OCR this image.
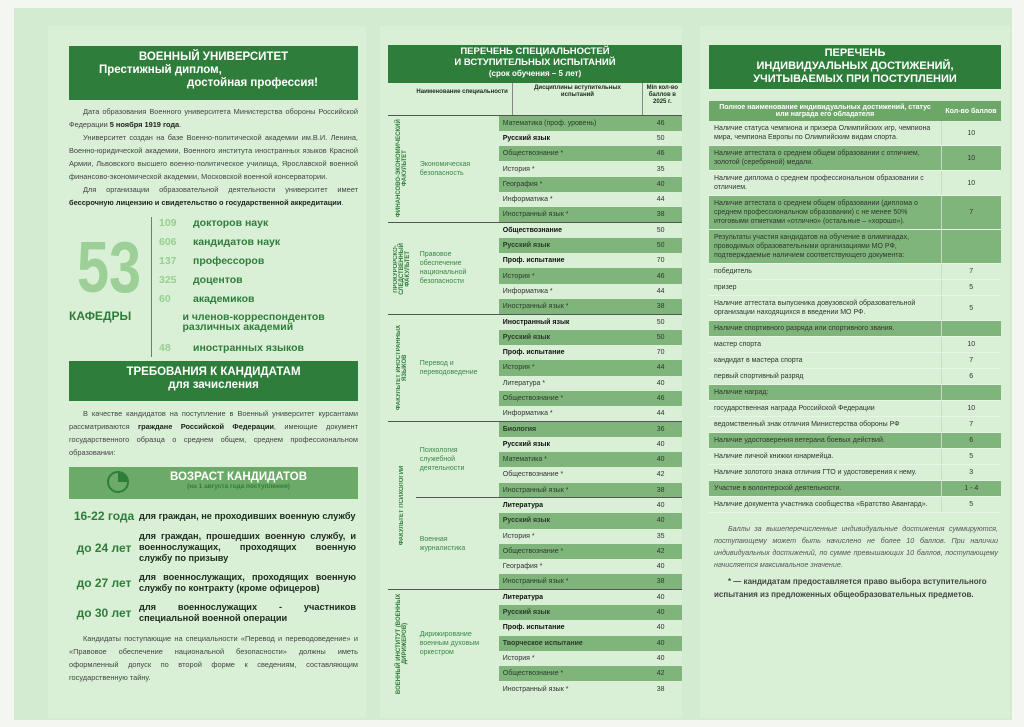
ВОЕННЫЙ УНИВЕРСИТЕТ
Престижный диплом,
достойная профессия!

Дата образования Военного университета Министерства обороны Российской Федерации 5 ноября 1919 года.

Университет создан на базе Военно-политической академии им.В.И. Ленина, Военно-юридической академии, Военного института иностранных языков Красной Армии, Львовского высшего военно-политическое училища, Ярославской военной финансово-экономической академии, Московской военной консерватории.

Для организации образовательной деятельности университет имеет бессрочную лицензию и свидетельство о государственной аккредитации.

53
КАФЕДРЫ
109	докторов наук
606	кандидатов наук
137	профессоров
325	доцентов
60	академиков
и членов-корреспондентов различных академий
48	иностранных языков
ТРЕБОВАНИЯ К КАНДИДАТАМ
для зачисления

В качестве кандидатов на поступление в Военный университет курсантами рассматриваются граждане Российской Федерации, имеющие документ государственного образца о среднем общем, среднем профессиональном образовании:

ВОЗРАСТ КАНДИДАТОВ
(на 1 августа года поступления)
16-22 года для граждан, не проходивших военную службу
до 24 лет
для граждан, прошедших военную службу, и военнослужащих, проходящих военную службу по призыву
до 27 лет для военнослужащих, проходящих военную службу по контракту (кроме офицеров)
до 30 лет для военнослужащих - участников специальной военной операции

Кандидаты поступающие на специальности «Перевод и переводоведение» и «Правовое обеспечение национальной безопасности» должны иметь оформленный допуск по второй форме к сведениям, составляющим государственную тайну.

ПЕРЕЧЕНЬ СПЕЦИАЛЬНОСТЕЙ
И ВСТУПИТЕЛЬНЫХ ИСПЫТАНИЙ
(срок обучения – 5 лет)
Наименование специальности
Дисциплины вступительных испытаний
Min кол-во баллов в 2025 г.
ФИНАНСОВО-ЭКОНОМИЧЕСКИЙ ФАКУЛЬТЕТ	Экономическая безопасность	Математика (проф. уровень)	46
		Русский язык	50
		Обществознание *	46
		История *	35
		География *	40
		Информатика *	44
		Иностранный язык *	38

ПРОКУРОРСКО-СЛЕДСТВЕННЫЙ ФАКУЛЬТЕТ	Правовое обеспечение национальной безопасности	Обществознание	50
		Русский язык	50
		Проф. испытание	70
		История *	46
		Информатика *	44
		Иностранный язык *	38

ФАКУЛЬТЕТ ИНОСТРАННЫХ ЯЗЫКОВ	Перевод и переводоведение	Иностранный язык	50
		Русский язык	50
		Проф. испытание	70
		История *	44
		Литература *	40
		Обществознание *	46
		Информатика *	44

ФАКУЛЬТЕТ ПСИХОЛОГИИ	Психология служебной деятельности	Биология	36
		Русский язык	40
		Математика *	40
		Обществознание *	42
		Иностранный язык *	38
	Военная журналистика	Литература	40
		Русский язык	40
		История *	35
		Обществознание *	42
		География *	40
		Иностранный язык *	38

ВОЕННЫЙ ИНСТИТУТ (ВОЕННЫХ ДИРИЖЕРОВ)	Дирижирование военным духовым оркестром	Литература	40
		Русский язык	40
		Проф. испытание	40
		Творческое испытание	40
		История *	40
		Обществознание *	42
		Иностранный язык *	38
ПЕРЕЧЕНЬ
ИНДИВИДУАЛЬНЫХ ДОСТИЖЕНИЙ,
УЧИТЫВАЕМЫХ ПРИ ПОСТУПЛЕНИИ
Полное наименование индивидуальных достижений, статус или награда его обладателя	Кол-во баллов
Наличие статуса чемпиона и призера Олимпийских игр, чемпиона мира, чемпиона Европы по Олимпийским видам спорта.	10
Наличие аттестата о среднем общем образовании с отличием, золотой (серебряной) медали.	10
Наличие диплома о среднем профессиональном образовании с отличием.	10
Наличие аттестата о среднем общем образовании (диплома о среднем профессиональном образовании) с не менее 50% итоговыми отметками «отлично» (остальные – «хорошо»).	7
Результаты участия кандидатов на обучение в олимпиадах, проводимых образовательными организациями МО РФ, подтверждаемые наличием соответствующего документа:	
победитель	7
призер	5
Наличие аттестата выпускника довузовской образовательной организации находящихся в введении МО РФ.	5
Наличие спортивного разряда или спортивного звания.	
мастер спорта	10
кандидат в мастера спорта	7
первый спортивный разряд	6
Наличие наград:	
государственная награда Российской Федерации	10
ведомственный знак отличия Министерства обороны РФ	7
Наличие удостоверения ветерана боевых действий.	6
Наличие личной книжки юнармейца.	5
Наличие золотого знака отличия ГТО и удостоверения к нему.	3
Участие в волонтерской деятельности.	1 - 4
Наличие документа участника сообщества «Братство Авангард».	5

Баллы за вышеперечисленные индивидуальные достижения суммируются, поступающему может быть начислено не более 10 баллов. При наличии индивидуальных достижений, по сумме превышающих 10 баллов, поступающему начисляется максимальное значение.

* — кандидатам предоставляется право выбора вступительного испытания из предложенных общеобразовательных предметов.
